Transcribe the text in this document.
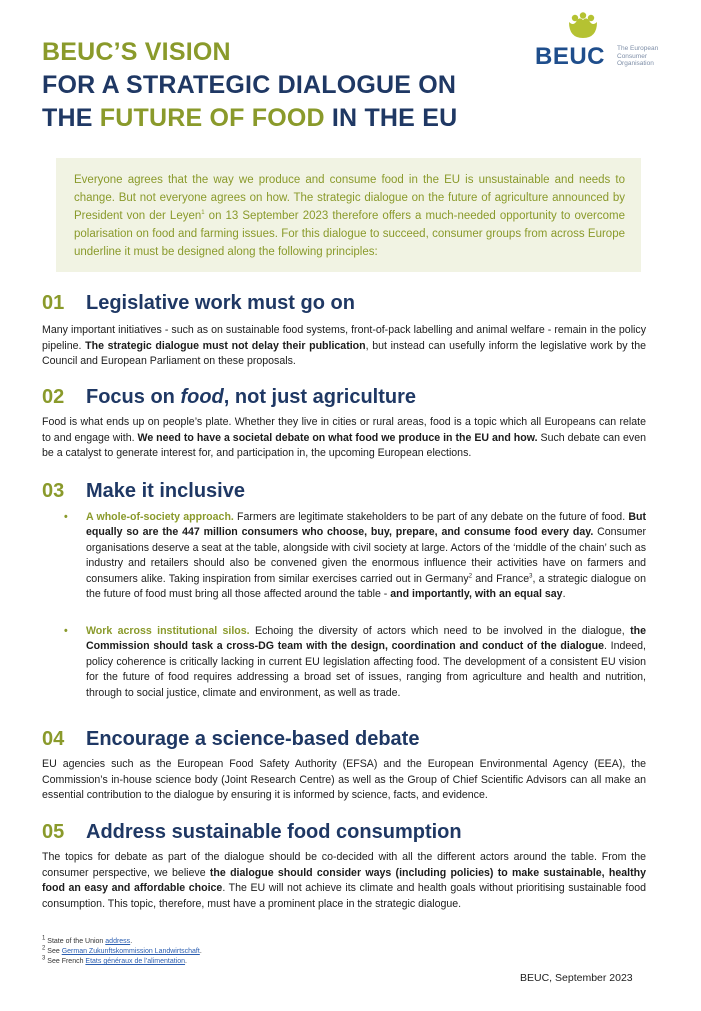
BEUC’S VISION
FOR A STRATEGIC DIALOGUE ON
THE FUTURE OF FOOD IN THE EU
BEUC The European
Consumer
Organisation
Everyone agrees that the way we produce and consume food in the EU is unsustainable and needs to change. But not everyone agrees on how. The strategic dialogue on the future of agriculture announced by President von der Leyen$^1$ on 13 September 2023 therefore offers a much-needed opportunity to overcome polarisation on food and farming issues. For this dialogue to succeed, consumer groups from across Europe underline it must be designed along the following principles:
01 Legislative work must go on
Many important initiatives - such as on sustainable food systems, front-of-pack labelling and animal welfare - remain in the policy pipeline. The strategic dialogue must not delay their publication, but instead can usefully inform the legislative work by the Council and European Parliament on these proposals.
02 Focus on food, not just agriculture
Food is what ends up on people’s plate. Whether they live in cities or rural areas, food is a topic which all Europeans can relate to and engage with. We need to have a societal debate on what food we produce in the EU and how. Such debate can even be a catalyst to generate interest for, and participation in, the upcoming European elections.
03 Make it inclusive
• A whole-of-society approach. Farmers are legitimate stakeholders to be part of any debate on the future of food. But equally so are the 447 million consumers who choose, buy, prepare, and consume food every day. Consumer organisations deserve a seat at the table, alongside with civil society at large. Actors of the ‘middle of the chain’ such as industry and retailers should also be convened given the enormous influence their activities have on farmers and consumers alike. Taking inspiration from similar exercises carried out in Germany$^2$ and France$^3$, a strategic dialogue on the future of food must bring all those affected around the table - and importantly, with an equal say.
• Work across institutional silos. Echoing the diversity of actors which need to be involved in the dialogue, the Commission should task a cross-DG team with the design, coordination and conduct of the dialogue. Indeed, policy coherence is critically lacking in current EU legislation affecting food. The development of a consistent EU vision for the future of food requires addressing a broad set of issues, ranging from agriculture and health and nutrition, through to social justice, climate and environment, as well as trade.
04 Encourage a science-based debate
EU agencies such as the European Food Safety Authority (EFSA) and the European Environmental Agency (EEA), the Commission’s in-house science body (Joint Research Centre) as well as the Group of Chief Scientific Advisors can all make an essential contribution to the dialogue by ensuring it is informed by science, facts, and evidence.
05 Address sustainable food consumption
The topics for debate as part of the dialogue should be co-decided with all the different actors around the table. From the consumer perspective, we believe the dialogue should consider ways (including policies) to make sustainable, healthy food an easy and affordable choice. The EU will not achieve its climate and health goals without prioritising sustainable food consumption. This topic, therefore, must have a prominent place in the strategic dialogue.
$^1$ State of the Union address.
$^2$ See German Zukunftskommission Landwirtschaft.
$^3$ See French Etats généraux de l’alimentation.
BEUC, September 2023
